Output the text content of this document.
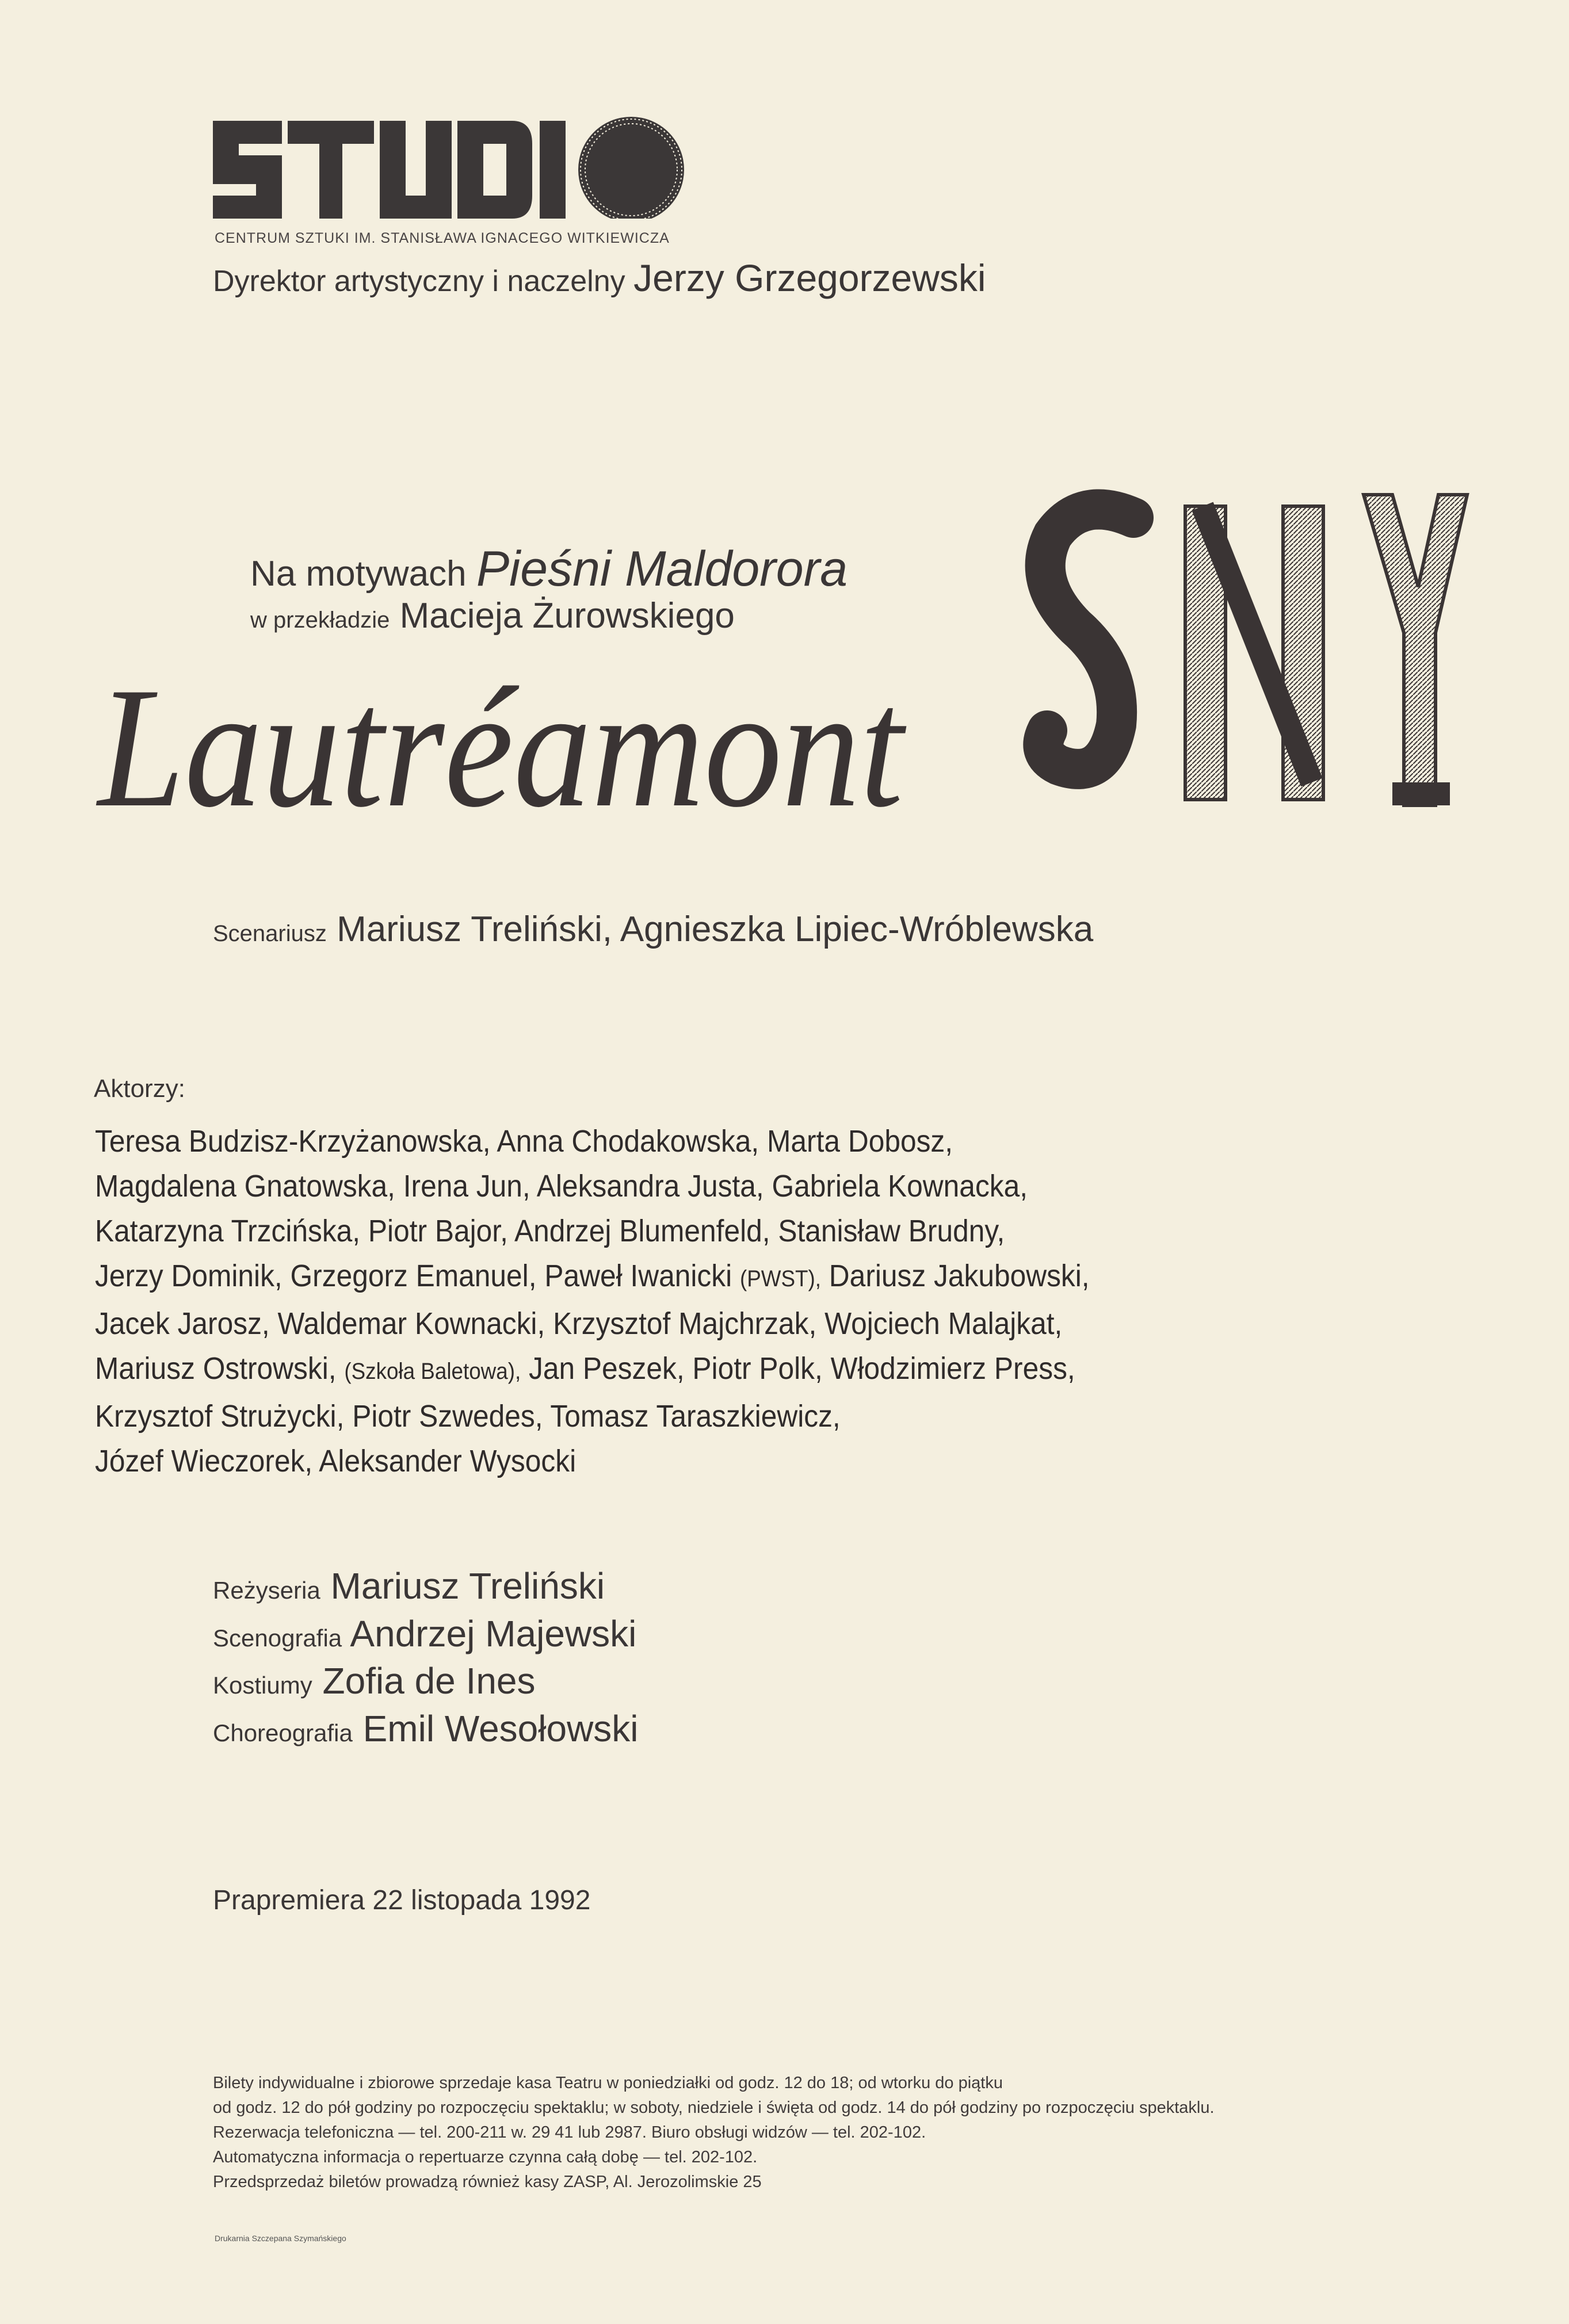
CENTRUM SZTUKI IM. STANISŁAWA IGNACEGO WITKIEWICZA
Dyrektor artystyczny i naczelny Jerzy Grzegorzewski
Na motywach Pieśni Maldorora
w przekładzie Macieja Żurowskiego
Lautréamont
Scenariusz Mariusz Treliński, Agnieszka Lipiec-Wróblewska
Aktorzy:
Teresa Budzisz-Krzyżanowska, Anna Chodakowska, Marta Dobosz,
Magdalena Gnatowska, Irena Jun, Aleksandra Justa, Gabriela Kownacka,
Katarzyna Trzcińska, Piotr Bajor, Andrzej Blumenfeld, Stanisław Brudny,
Jerzy Dominik, Grzegorz Emanuel, Paweł Iwanicki (PWST), Dariusz Jakubowski,
Jacek Jarosz, Waldemar Kownacki, Krzysztof Majchrzak, Wojciech Malajkat,
Mariusz Ostrowski, (Szkoła Baletowa), Jan Peszek, Piotr Polk, Włodzimierz Press,
Krzysztof Strużycki, Piotr Szwedes, Tomasz Taraszkiewicz,
Józef Wieczorek, Aleksander Wysocki
Reżyseria Mariusz Treliński
Scenografia Andrzej Majewski
Kostiumy Zofia de Ines
Choreografia Emil Wesołowski
Prapremiera 22 listopada 1992
Bilety indywidualne i zbiorowe sprzedaje kasa Teatru w poniedziałki od godz. 12 do 18; od wtorku do piątku
od godz. 12 do pół godziny po rozpoczęciu spektaklu; w soboty, niedziele i święta od godz. 14 do pół godziny po rozpoczęciu spektaklu.
Rezerwacja telefoniczna — tel. 200-211 w. 29 41 lub 2987. Biuro obsługi widzów — tel. 202-102.
Automatyczna informacja o repertuarze czynna całą dobę — tel. 202-102.
Przedsprzedaż biletów prowadzą również kasy ZASP, Al. Jerozolimskie 25
Drukarnia Szczepana Szymańskiego
